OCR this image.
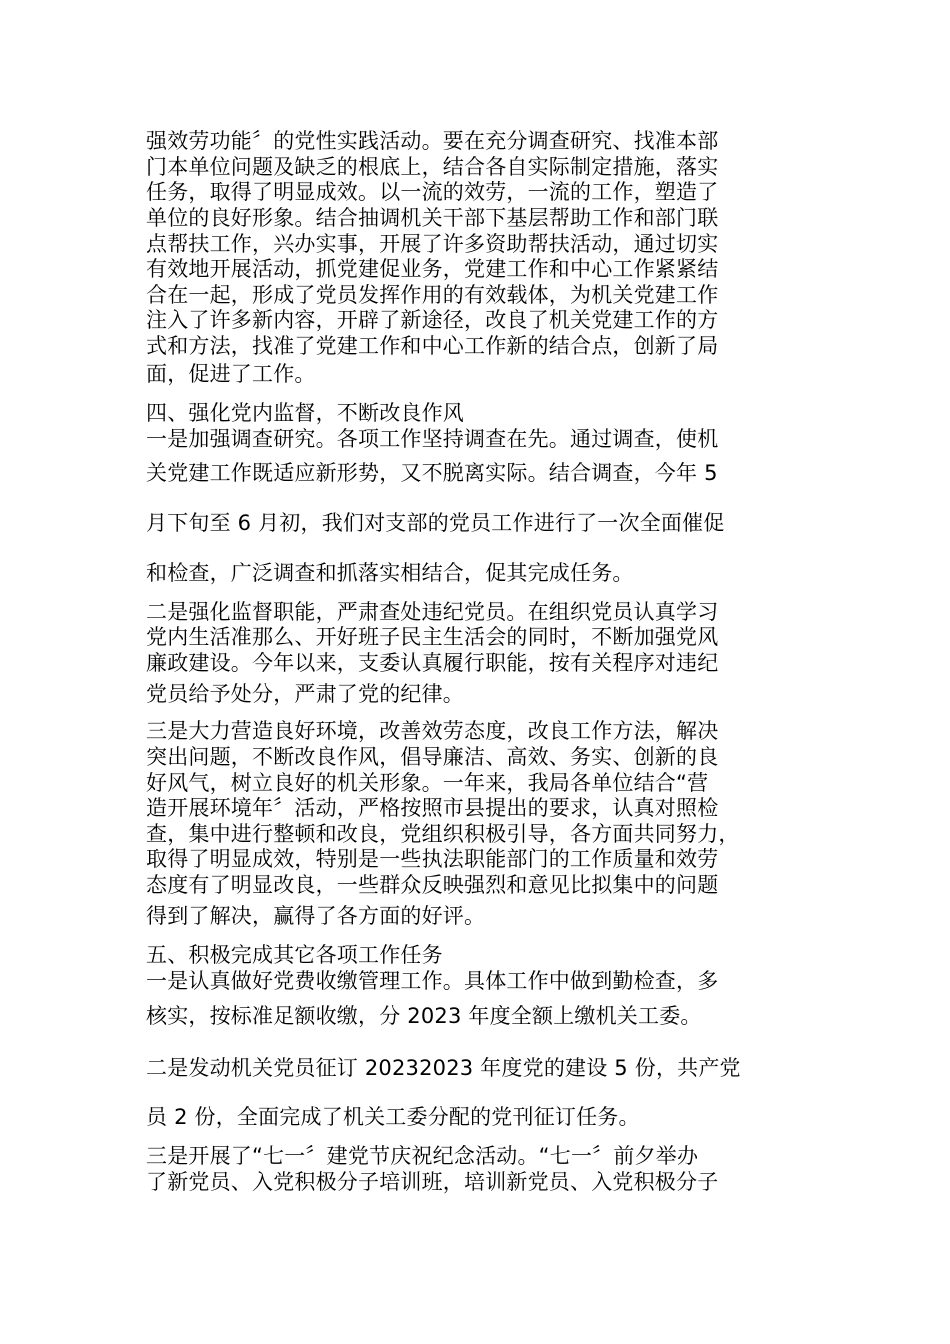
强效劳功能〞的党性实践活动。要在充分调查研究、找准本部
门本单位问题及缺乏的根底上，结合各自实际制定措施，落实
任务，取得了明显成效。以一流的效劳，一流的工作，塑造了
单位的良好形象。结合抽调机关干部下基层帮助工作和部门联
点帮扶工作，兴办实事，开展了许多资助帮扶活动，通过切实
有效地开展活动，抓党建促业务，党建工作和中心工作紧紧结
合在一起，形成了党员发挥作用的有效载体，为机关党建工作
注入了许多新内容，开辟了新途径，改良了机关党建工作的方
式和方法，找准了党建工作和中心工作新的结合点，创新了局
面，促进了工作。
四、强化党内监督，不断改良作风
一是加强调查研究。各项工作坚持调查在先。通过调查，使机
关党建工作既适应新形势，又不脱离实际。结合调查，今年 5
月下旬至 6 月初，我们对支部的党员工作进行了一次全面催促
和检查，广泛调查和抓落实相结合，促其完成任务。
二是强化监督职能，严肃查处违纪党员。在组织党员认真学习
党内生活准那么、开好班子民主生活会的同时，不断加强党风
廉政建设。今年以来，支委认真履行职能，按有关程序对违纪
党员给予处分，严肃了党的纪律。
三是大力营造良好环境，改善效劳态度，改良工作方法，解决
突出问题，不断改良作风，倡导廉洁、高效、务实、创新的良
好风气，树立良好的机关形象。一年来，我局各单位结合“营
造开展环境年〞活动，严格按照市县提出的要求，认真对照检
查，集中进行整顿和改良，党组织积极引导，各方面共同努力，
取得了明显成效，特别是一些执法职能部门的工作质量和效劳
态度有了明显改良，一些群众反映强烈和意见比拟集中的问题
得到了解决，赢得了各方面的好评。
五、积极完成其它各项工作任务
一是认真做好党费收缴管理工作。具体工作中做到勤检查，多
核实，按标准足额收缴，分 2023 年度全额上缴机关工委。
二是发动机关党员征订 20232023 年度党的建设 5 份，共产党
员 2 份，全面完成了机关工委分配的党刊征订任务。
三是开展了“七一〞建党节庆祝纪念活动。“七一〞前夕举办
了新党员、入党积极分子培训班，培训新党员、入党积极分子
